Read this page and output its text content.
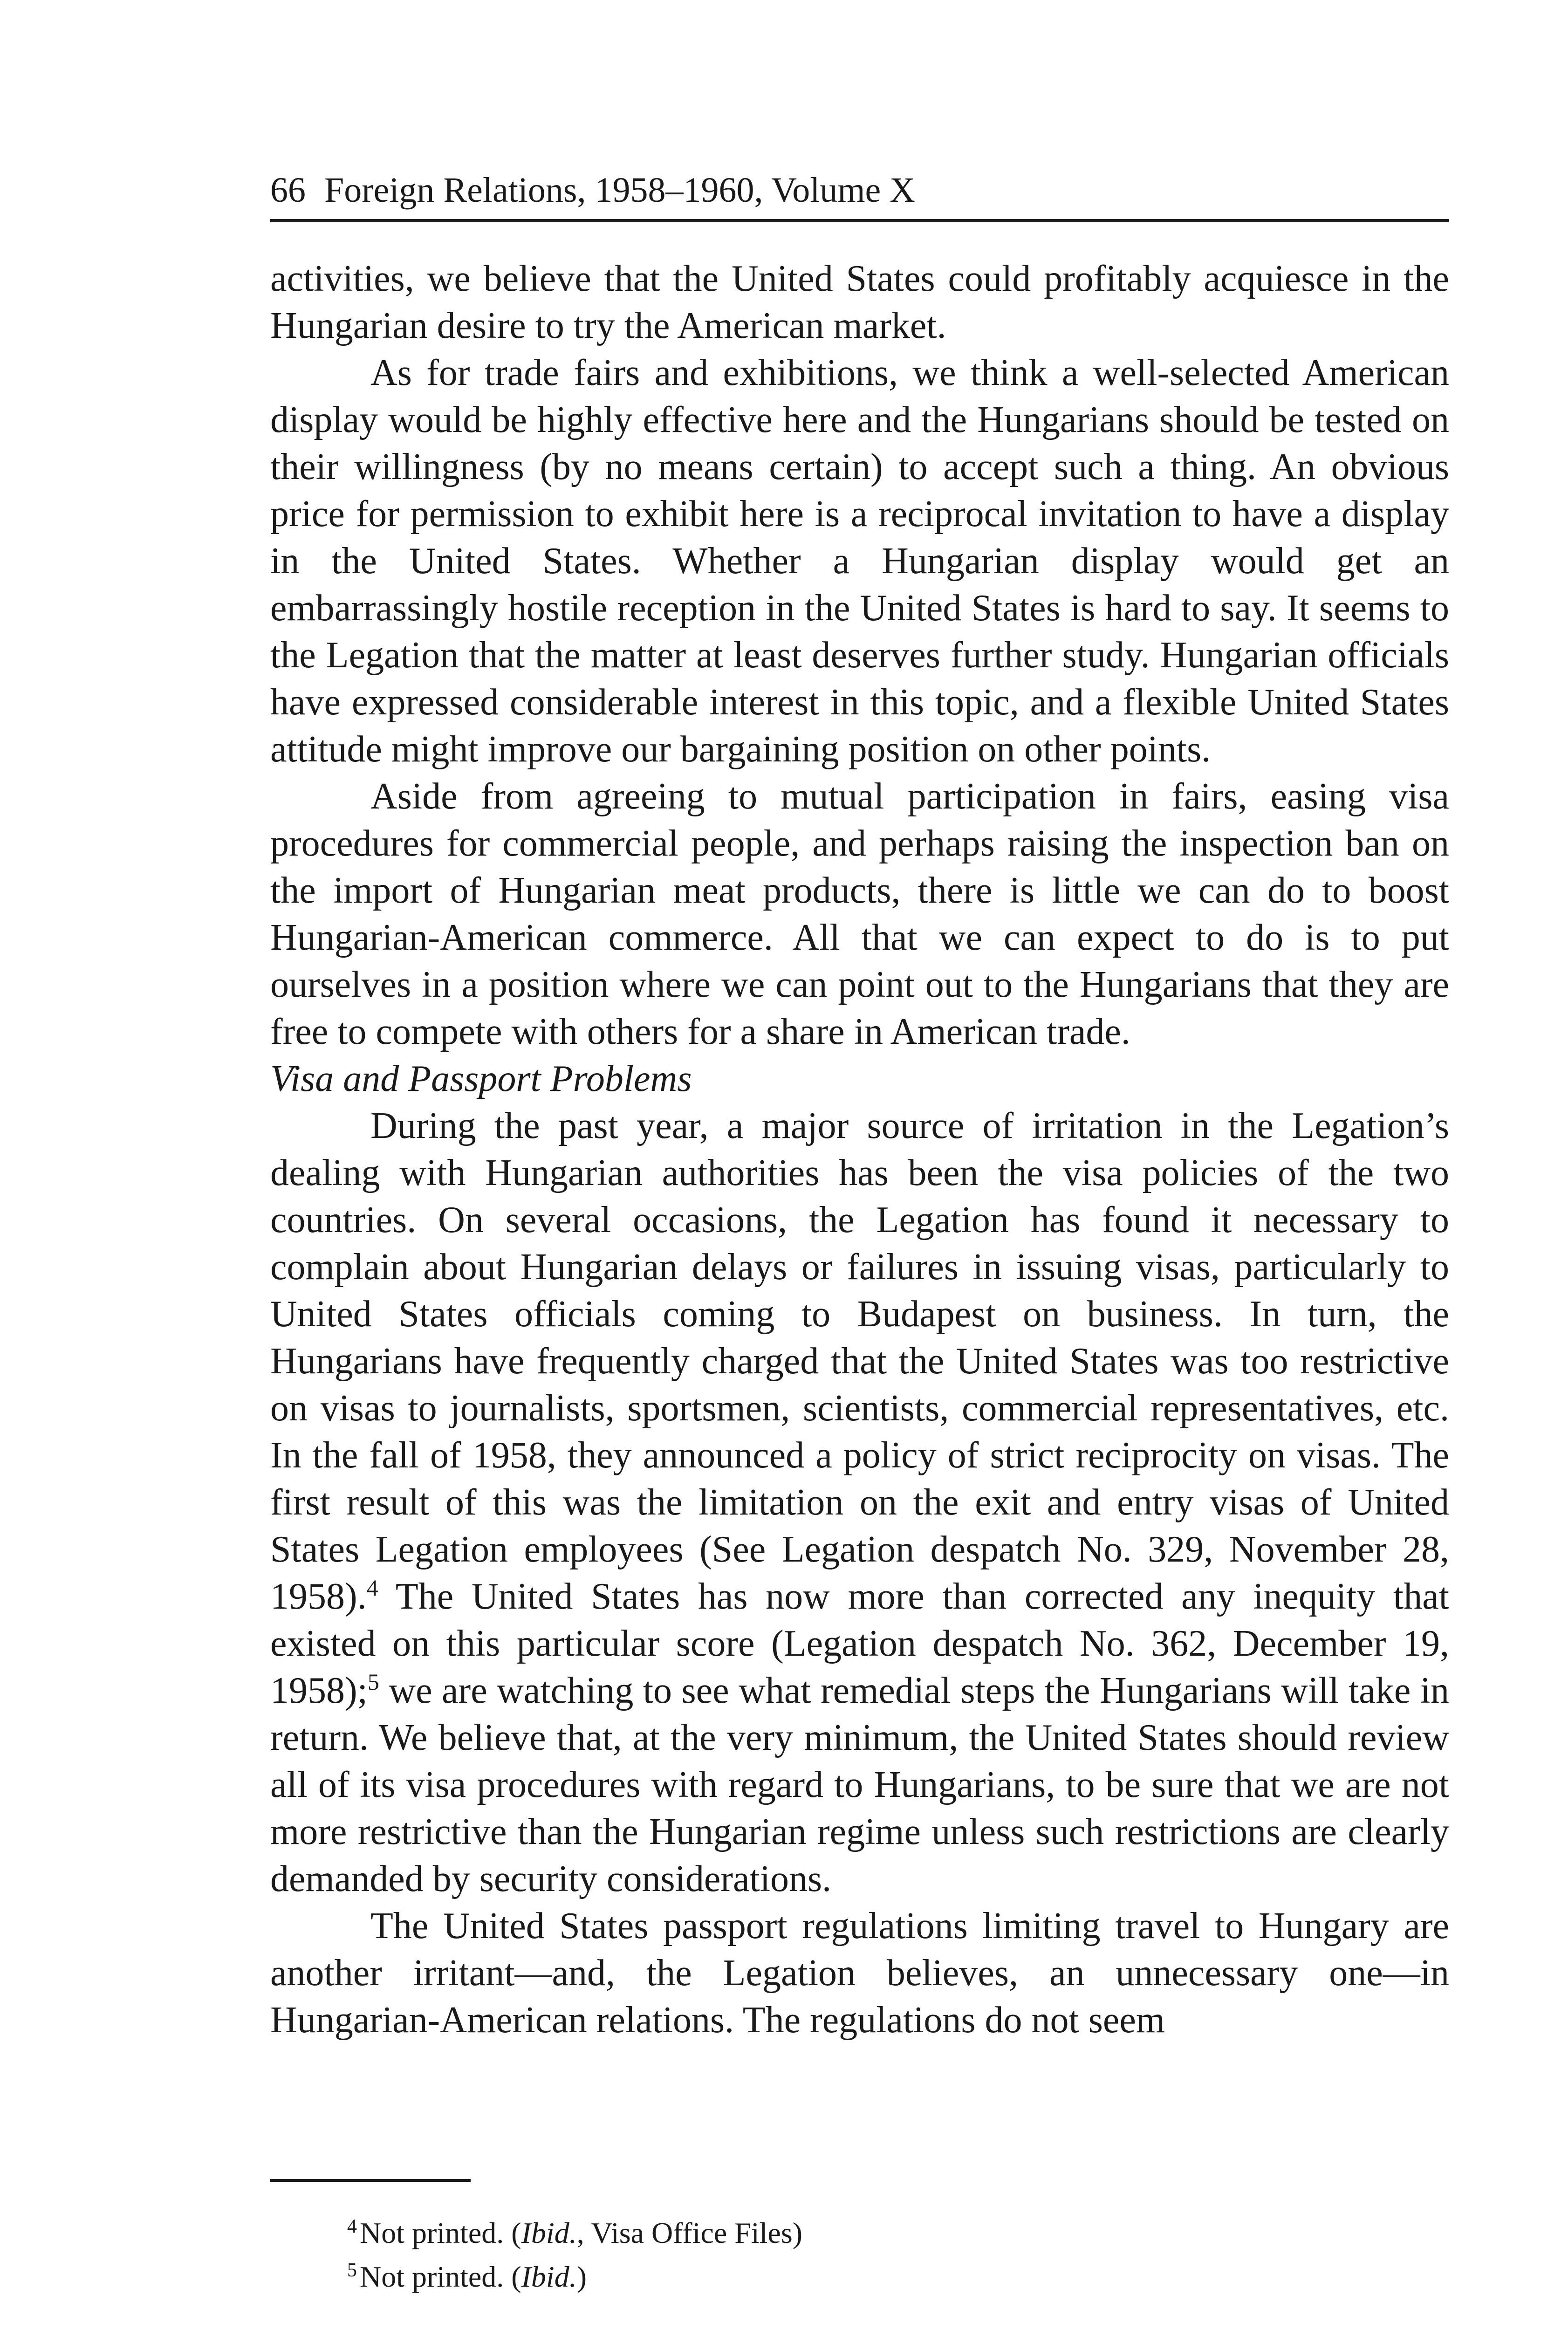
66 Foreign Relations, 1958–1960, Volume X

activities, we believe that the United States could profitably acquiesce in the Hungarian desire to try the American market.

As for trade fairs and exhibitions, we think a well-selected American display would be highly effective here and the Hungarians should be tested on their willingness (by no means certain) to accept such a thing. An obvious price for permission to exhibit here is a reciprocal invitation to have a display in the United States. Whether a Hungarian display would get an embarrassingly hostile reception in the United States is hard to say. It seems to the Legation that the matter at least deserves further study. Hungarian officials have expressed considerable interest in this topic, and a flexible United States attitude might improve our bargaining position on other points.

Aside from agreeing to mutual participation in fairs, easing visa procedures for commercial people, and perhaps raising the inspection ban on the import of Hungarian meat products, there is little we can do to boost Hungarian-American commerce. All that we can expect to do is to put ourselves in a position where we can point out to the Hungarians that they are free to compete with others for a share in American trade.

Visa and Passport Problems

During the past year, a major source of irritation in the Legation’s dealing with Hungarian authorities has been the visa policies of the two countries. On several occasions, the Legation has found it necessary to complain about Hungarian delays or failures in issuing visas, particularly to United States officials coming to Budapest on business. In turn, the Hungarians have frequently charged that the United States was too restrictive on visas to journalists, sportsmen, scientists, commercial representatives, etc. In the fall of 1958, they announced a policy of strict reciprocity on visas. The first result of this was the limitation on the exit and entry visas of United States Legation employees (See Legation despatch No. 329, November 28, 1958).$^4$ The United States has now more than corrected any inequity that existed on this particular score (Legation despatch No. 362, December 19, 1958);$^5$ we are watching to see what remedial steps the Hungarians will take in return. We believe that, at the very minimum, the United States should review all of its visa procedures with regard to Hungarians, to be sure that we are not more restrictive than the Hungarian regime unless such restrictions are clearly demanded by security considerations.

The United States passport regulations limiting travel to Hungary are another irritant—and, the Legation believes, an unnecessary one—in Hungarian-American relations. The regulations do not seem

$^4$Not printed. (Ibid., Visa Office Files)

$^5$Not printed. (Ibid.)
